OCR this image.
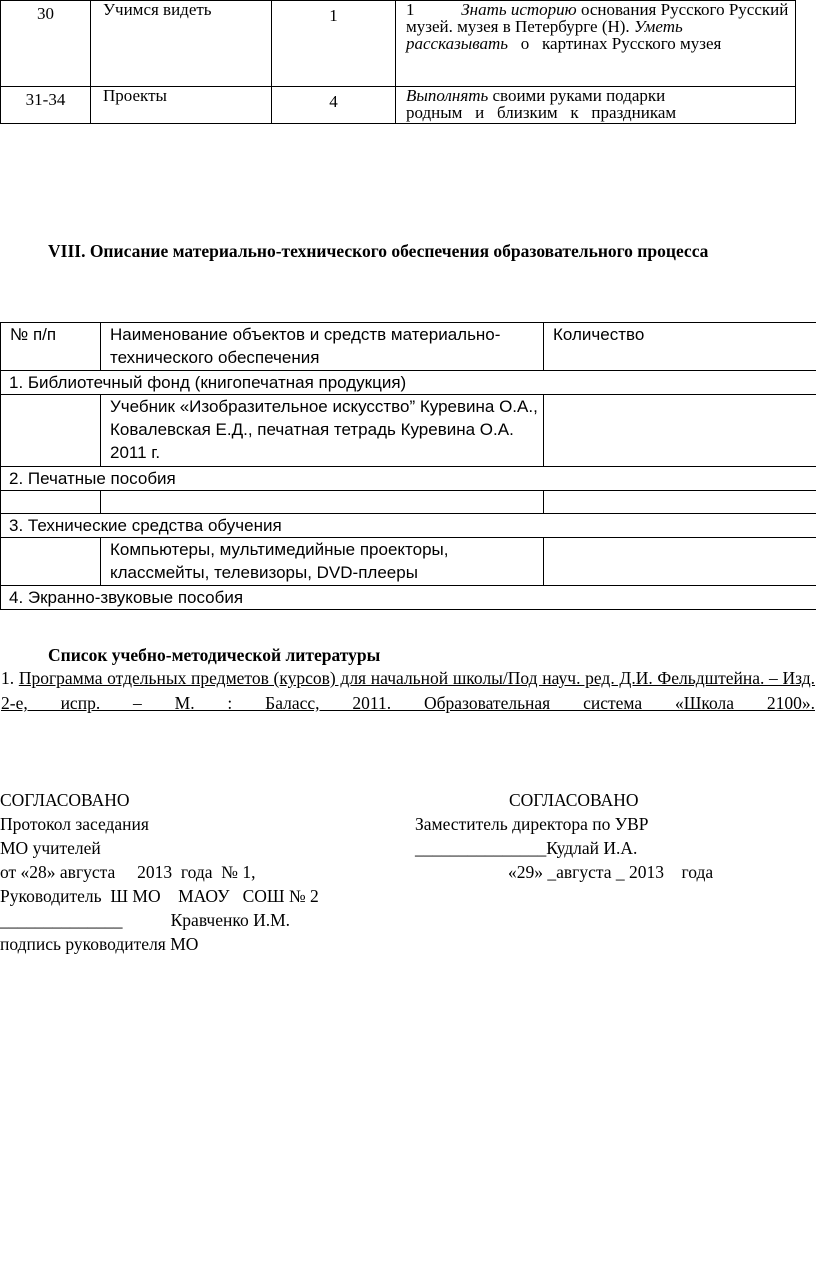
30	Учимся видеть	1	1           Знать историю основания Русского Русский музей. музея в Петербурге (Н). Уметь рассказывать   о   картинах Русского музея
31-34	Проекты	4	Выполнять своими руками подарки родным   и   близким   к   праздникам
VIII. Описание материально-технического обеспечения образовательного процесса
№ п/п	Наименование объектов и средств материально-технического обеспечения	Количество
1. Библиотечный фонд (книгопечатная продукция)		
	Учебник «Изобразительное искусство” Куревина О.А., Ковалевская Е.Д., печатная тетрадь Куревина О.А. 2011 г.	
2. Печатные пособия		

3. Технические средства обучения		
	Компьютеры, мультимедийные проекторы, классмейты, телевизоры, DVD-плееры	
4. Экранно-звуковые пособия		
Список учебно-методической литературы
1. Программа отдельных предметов (курсов) для начальной школы/Под науч. ред. Д.И. Фельдштейна. – Изд. 2-е, испр. – М. : Баласс, 2011. Образовательная система «Школа 2100».
СОГЛАСОВАНО
Протокол заседания
МО учителей
от «28» августа     2013  года  № 1,
Руководитель  Ш МО    МАОУ   СОШ № 2
______________           Кравченко И.М.
подпись руководителя МО
СОГЛАСОВАНО
Заместитель директора по УВР
_______________Кудлай И.А.
«29» _августа _ 2013    года
